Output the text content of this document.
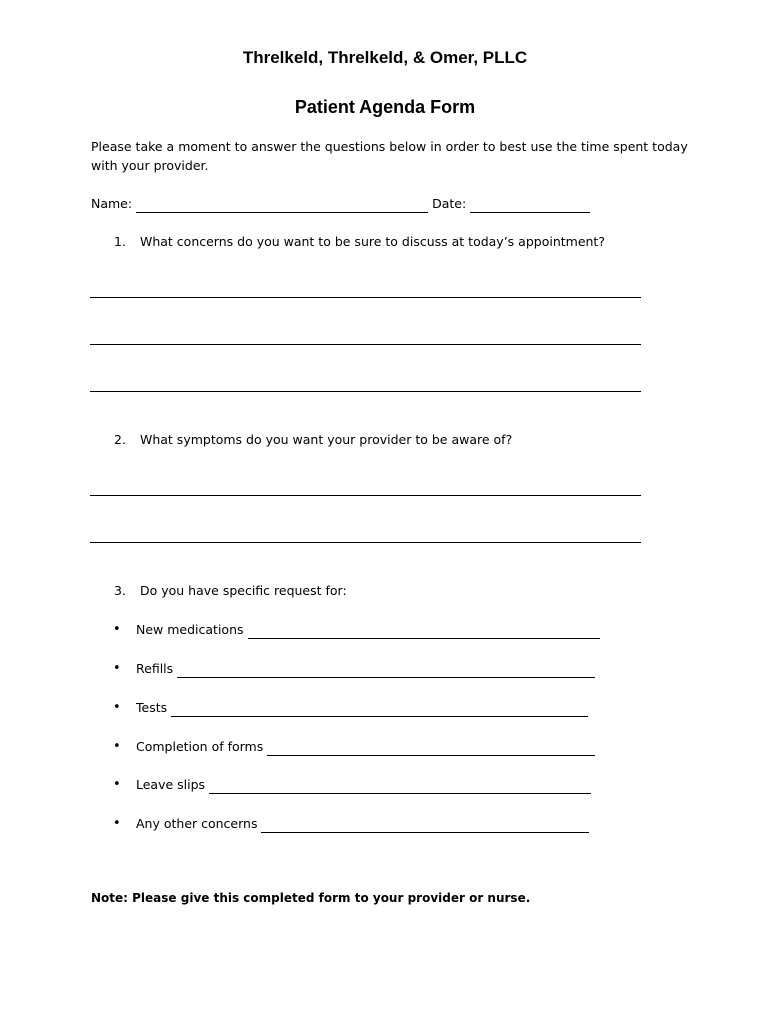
Threlkeld, Threlkeld, & Omer, PLLC
Patient Agenda Form
Please take a moment to answer the questions below in order to best use the time spent today
with your provider.
Name:	Date:
1. What concerns do you want to be sure to discuss at today’s appointment?
2. What symptoms do you want your provider to be aware of?
3. Do you have specific request for:
•	New medications
•	Refills
•	Tests
•	Completion of forms
•	Leave slips
•	Any other concerns
Note: Please give this completed form to your provider or nurse.
